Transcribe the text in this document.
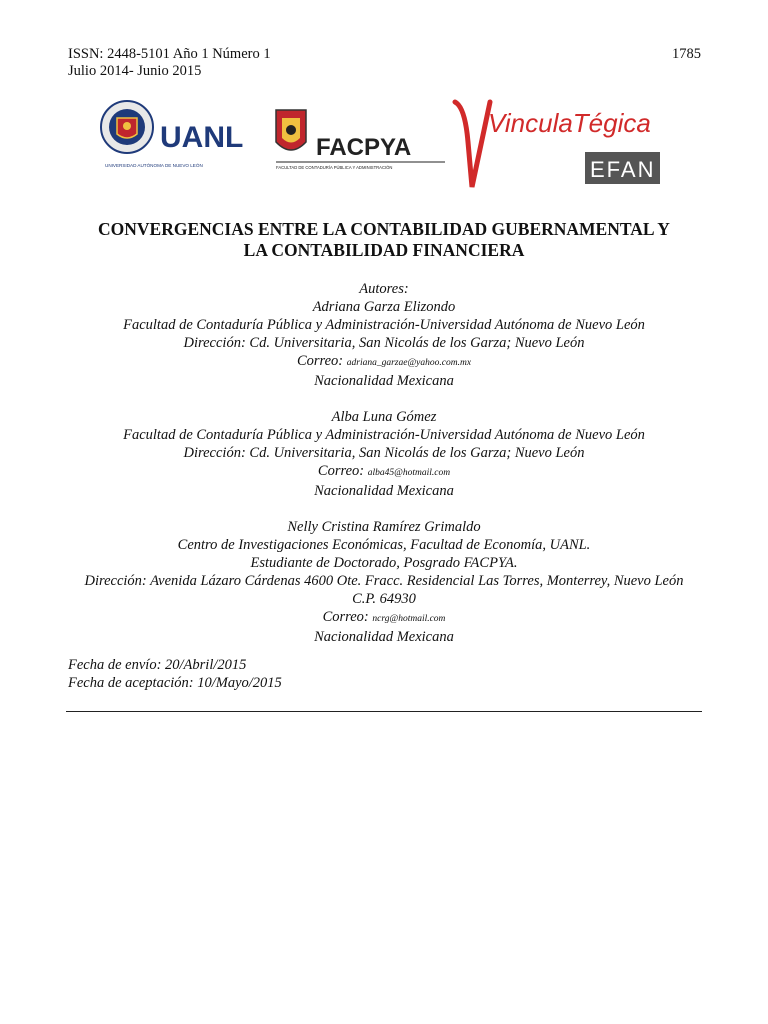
ISSN: 2448-5101 Año 1 Número 1
Julio 2014- Junio 2015
1785
UANL
UNIVERSIDAD AUTÓNOMA DE NUEVO LEÓN
FACPYA
FACULTAD DE CONTADURÍA PÚBLICA Y ADMINISTRACIÓN
VinculaTégica
EFAN
CONVERGENCIAS ENTRE LA CONTABILIDAD GUBERNAMENTAL Y
LA CONTABILIDAD FINANCIERA
Autores:
Adriana Garza Elizondo
Facultad de Contaduría Pública y Administración-Universidad Autónoma de Nuevo León
Dirección: Cd. Universitaria, San Nicolás de los Garza; Nuevo León
Correo: adriana_garzae@yahoo.com.mx
Nacionalidad Mexicana
Alba Luna Gómez
Facultad de Contaduría Pública y Administración-Universidad Autónoma de Nuevo León
Dirección: Cd. Universitaria, San Nicolás de los Garza; Nuevo León
Correo: alba45@hotmail.com
Nacionalidad Mexicana
Nelly Cristina Ramírez Grimaldo
Centro de Investigaciones Económicas, Facultad de Economía, UANL.
Estudiante de Doctorado, Posgrado FACPYA.
Dirección: Avenida Lázaro Cárdenas 4600 Ote. Fracc. Residencial Las Torres, Monterrey, Nuevo León
C.P. 64930
Correo: ncrg@hotmail.com
Nacionalidad Mexicana
Fecha de envío: 20/Abril/2015
Fecha de aceptación: 10/Mayo/2015
